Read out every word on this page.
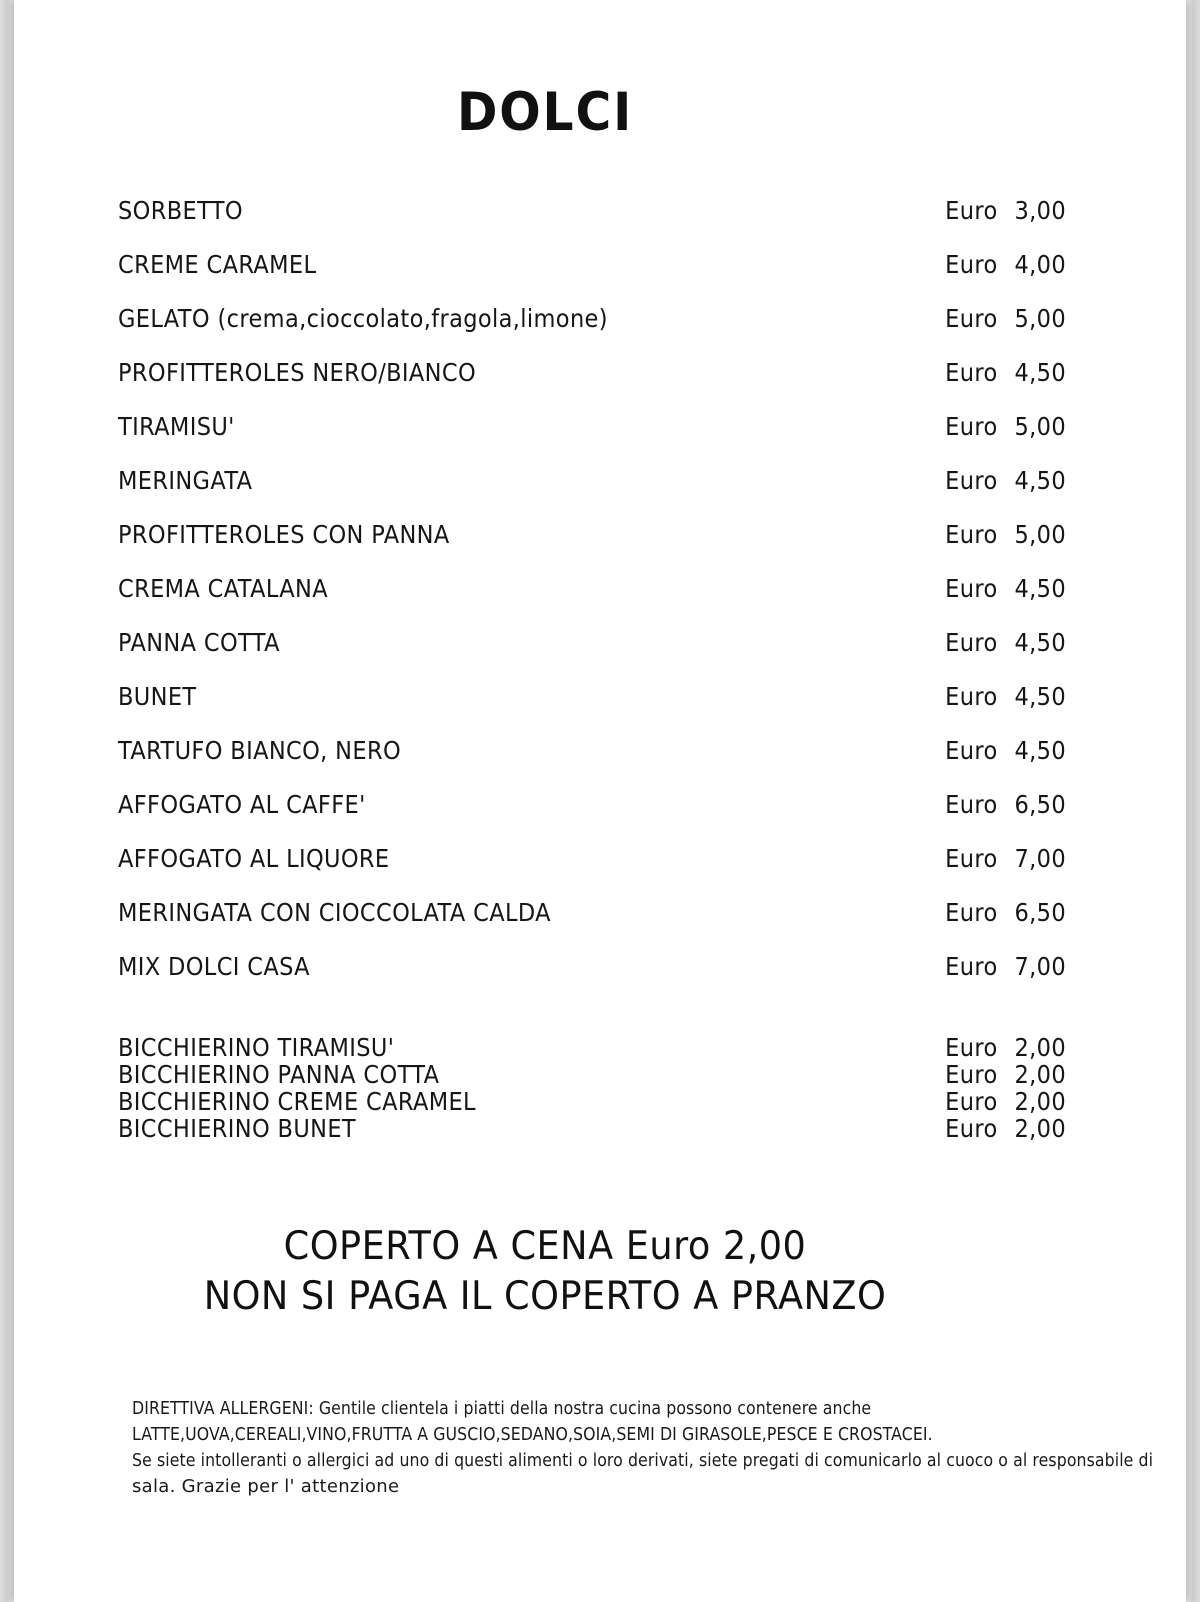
DOLCI
SORBETTO	Euro 3,00
CREME CARAMEL	Euro 4,00
GELATO (crema,cioccolato,fragola,limone)	Euro 5,00
PROFITTEROLES NERO/BIANCO	Euro 4,50
TIRAMISU'	Euro 5,00
MERINGATA	Euro 4,50
PROFITTEROLES CON PANNA	Euro 5,00
CREMA CATALANA	Euro 4,50
PANNA COTTA	Euro 4,50
BUNET	Euro 4,50
TARTUFO BIANCO, NERO	Euro 4,50
AFFOGATO AL CAFFE'	Euro 6,50
AFFOGATO AL LIQUORE	Euro 7,00
MERINGATA CON CIOCCOLATA CALDA	Euro 6,50
MIX DOLCI CASA	Euro 7,00
BICCHIERINO TIRAMISU'	Euro 2,00
BICCHIERINO PANNA COTTA	Euro 2,00
BICCHIERINO CREME CARAMEL	Euro 2,00
BICCHIERINO BUNET	Euro 2,00
COPERTO A CENA Euro 2,00
NON SI PAGA IL COPERTO A PRANZO
DIRETTIVA ALLERGENI: Gentile clientela i piatti della nostra cucina possono contenere anche
LATTE,UOVA,CEREALI,VINO,FRUTTA A GUSCIO,SEDANO,SOIA,SEMI DI GIRASOLE,PESCE E CROSTACEI.
Se siete intolleranti o allergici ad uno di questi alimenti o loro derivati, siete pregati di comunicarlo al cuoco o al responsabile di
sala. Grazie per l' attenzione
